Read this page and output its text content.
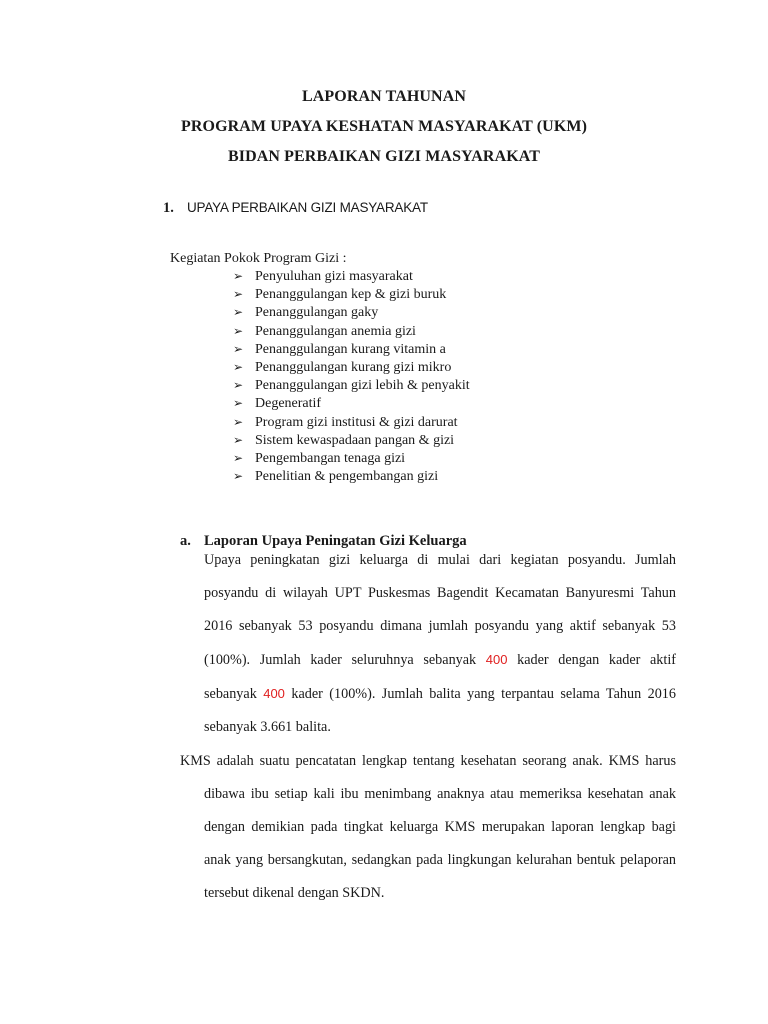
LAPORAN TAHUNAN
PROGRAM UPAYA KESHATAN MASYARAKAT (UKM)
BIDAN PERBAIKAN GIZI MASYARAKAT
1. UPAYA PERBAIKAN GIZI MASYARAKAT
Kegiatan Pokok Program Gizi :
➢ Penyuluhan gizi masyarakat
➢ Penanggulangan kep & gizi buruk
➢ Penanggulangan gaky
➢ Penanggulangan anemia gizi
➢ Penanggulangan kurang vitamin a
➢ Penanggulangan kurang gizi mikro
➢ Penanggulangan gizi lebih & penyakit
➢ Degeneratif
➢ Program gizi institusi & gizi darurat
➢ Sistem kewaspadaan pangan & gizi
➢ Pengembangan tenaga gizi
➢ Penelitian & pengembangan gizi
a. Laporan Upaya Peningatan Gizi Keluarga

Upaya peningkatan gizi keluarga di mulai dari kegiatan posyandu. Jumlah posyandu di wilayah UPT Puskesmas Bagendit Kecamatan Banyuresmi Tahun 2016 sebanyak 53 posyandu dimana jumlah posyandu yang aktif sebanyak 53 (100%). Jumlah kader seluruhnya sebanyak 400 kader dengan kader aktif sebanyak 400 kader (100%). Jumlah balita yang terpantau selama Tahun 2016 sebanyak 3.661 balita.

KMS adalah suatu pencatatan lengkap tentang kesehatan seorang anak. KMS harus dibawa ibu setiap kali ibu menimbang anaknya atau memeriksa kesehatan anak dengan demikian pada tingkat keluarga KMS merupakan laporan lengkap bagi anak yang bersangkutan, sedangkan pada lingkungan kelurahan bentuk pelaporan tersebut dikenal dengan SKDN.
